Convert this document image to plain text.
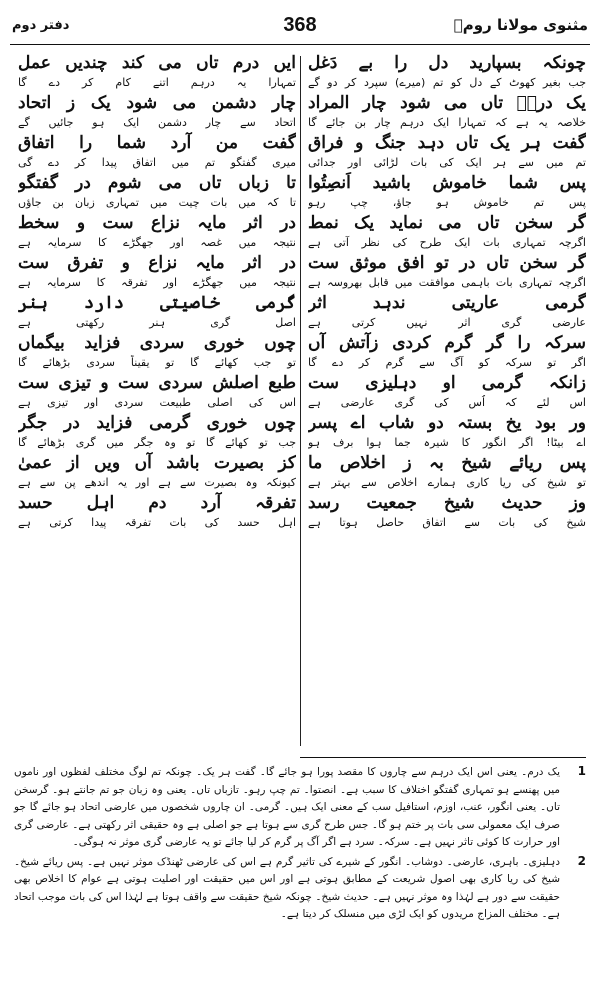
مثنوی مولانا رومؒ
368
دفتر دوم
چونکہ بسپارید دل را بے دَغل
جب بغیر کھوٹ کے دل کو تم (میرے) سپرد کر دو گے
یک درمؔ تاں می شود چار المراد
خلاصہ یہ ہے کہ تمہارا ایک درہم چار بن جائے گا
گفت ہر یک تاں دہد جنگ و فراق
تم میں سے ہر ایک کی بات لڑائی اور جدائی
پس شما خاموش باشید اَنصِتُوا
پس تم خاموش ہو جاؤ، چپ رہو
گر سخن تاں می نماید یک نمط
اگرچہ تمہاری بات ایک طرح کی نظر آتی ہے
گر سخن تاں در تو افق موثق ست
اگرچہ تمہاری بات باہمی موافقت میں قابل بھروسہ ہے
گرمی عاریتی ندہد اثر
عارضی گری اثر نہیں کرتی ہے
سرکہ را گر گرم کردی زآتش آں
اگر تو سرکہ کو آگ سے گرم کر دے گا
زانکہ گرمی او دہلیزی ست
اس لئے کہ اُس کی گری عارضی ہے
ور بود یخ بستہ دو شاب اے پسر
اے بیٹا! اگر انگور کا شیرہ جما ہوا برف ہو
پس ریائے شیخ بہ ز اخلاص ما
تو شیخ کی ریا کاری ہمارے اخلاص سے بہتر ہے
وز حدیث شیخ جمعیت رسد
شیخ کی بات سے اتفاق حاصل ہوتا ہے
ایں درم تاں می کند چندیں عمل
تمہارا یہ درہم اتنے کام کر دے گا
چار دشمن می شود یک ز اتحاد
اتحاد سے چار دشمن ایک ہو جائیں گے
گفت من آرد شما را اتفاق
میری گفتگو تم میں اتفاق پیدا کر دے گی
تا زباں تاں می شوم در گفتگو
تا کہ میں بات چیت میں تمہاری زبان بن جاؤں
در اثر مایہ نزاع ست و سخط
نتیجہ میں غصہ اور جھگڑے کا سرمایہ ہے
در اثر مایہ نزاع و تفرق ست
نتیجہ میں جھگڑے اور تفرقہ کا سرمایہ ہے
گرمی خاصیتی دارد ہنر
اصل گری ہنر رکھتی ہے
چوں خوری سردی فزاید بیگماں
تو جب کھائے گا تو یقیناً سردی بڑھائے گا
طبع اصلش سردی ست و تیزی ست
اس کی اصلی طبیعت سردی اور تیزی ہے
چوں خوری گرمی فزاید در جگر
جب تو کھائے گا تو وہ جگر میں گری بڑھائے گا
کز بصیرت باشد آں ویں از عمیٰ
کیونکہ وہ بصیرت سے ہے اور یہ اندھے پن سے ہے
تفرقہ آرد دم اہل حسد
اہل حسد کی بات تفرقہ پیدا کرتی ہے
1
یک درم۔ یعنی اس ایک درہم سے چاروں کا مقصد پورا ہو جائے گا۔ گفت ہر یک۔ چونکہ تم لوگ مختلف لفظوں اور ناموں میں پھنسے ہو تمہاری گفتگو اختلاف کا سبب ہے۔ انصتوا۔ تم چپ رہو۔ تازباں تاں۔ یعنی وہ زبان جو تم جانتے ہو۔ گرسخن تاں۔ یعنی انگور، عنب، اوزم، استافیل سب کے معنی ایک ہیں۔ گرمی۔ ان چاروں شخصوں میں عارضی اتحاد ہو جائے گا جو صرف ایک معمولی سی بات پر ختم ہو گا۔ جس طرح گری سے ہوتا ہے جو اصلی ہے وہ حقیقی اثر رکھتی ہے۔ عارضی گری اور حرارت کا کوئی تاثر نہیں ہے۔ سرکہ۔ سرد ہے اگر آگ پر گرم کر لیا جائے تو یہ عارضی گری موثر نہ ہوگی۔
2
دہلیزی۔ باہری، عارضی۔ دوشاب۔ انگور کے شیرے کی تاثیر گرم ہے اس کی عارضی ٹھنڈک موثر نہیں ہے۔ پس ریائے شیخ۔ شیخ کی ریا کاری بھی اصول شریعت کے مطابق ہوتی ہے اور اس میں حقیقت اور اصلیت ہوتی ہے عوام کا اخلاص بھی حقیقت سے دور ہے لہٰذا وہ موثر نہیں ہے۔ حدیث شیخ۔ چونکہ شیخ حقیقت سے واقف ہوتا ہے لہٰذا اس کی بات موجب اتحاد ہے۔ مختلف المزاج مریدوں کو ایک لڑی میں منسلک کر دیتا ہے۔
